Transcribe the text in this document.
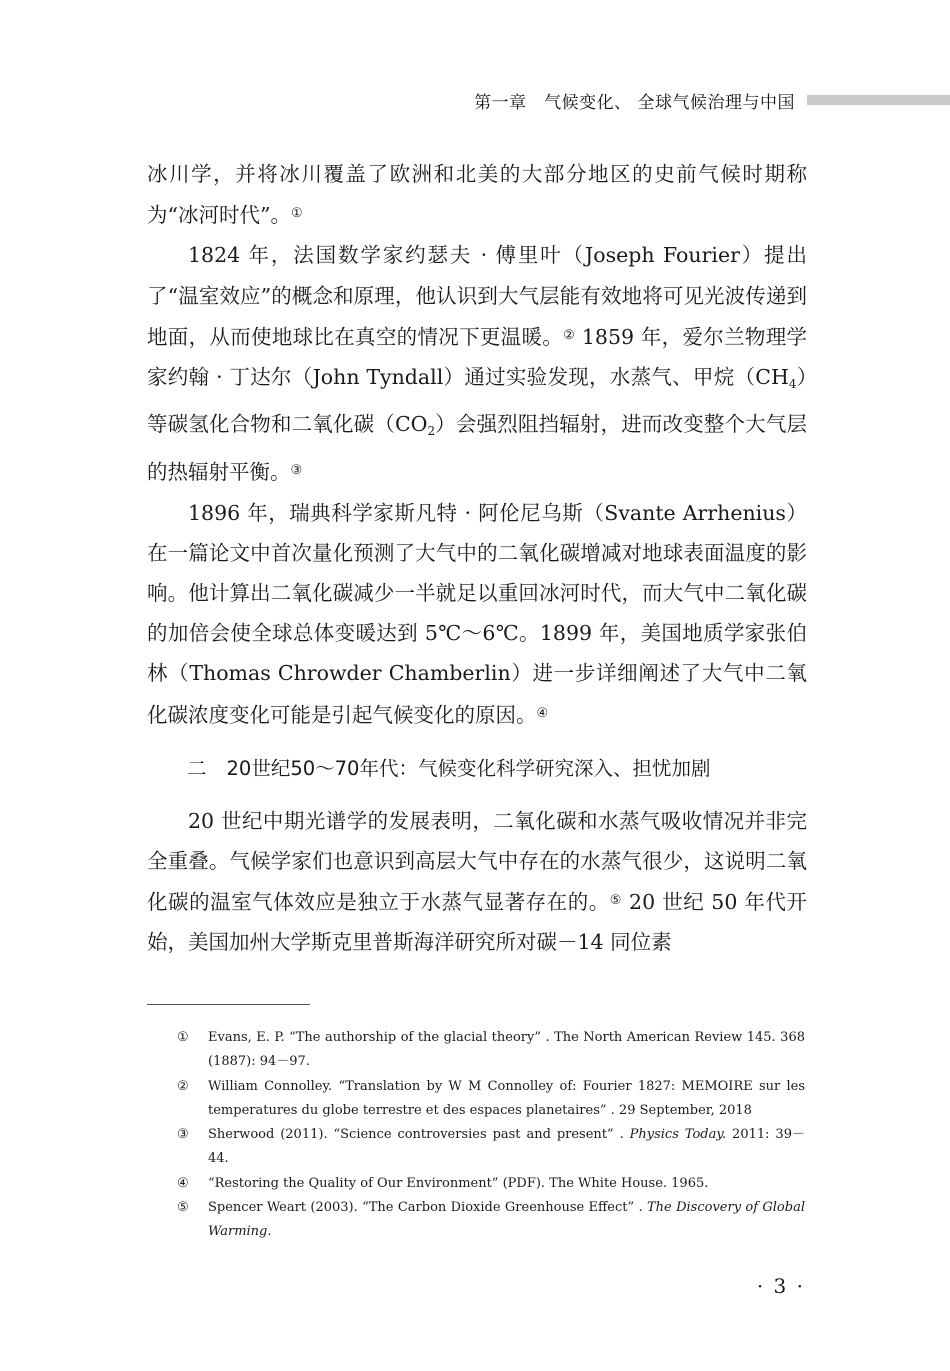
第一章　气候变化、 全球气候治理与中国

冰川学，并将冰川覆盖了欧洲和北美的大部分地区的史前气候时期称为“冰河时代”。①

1824 年，法国数学家约瑟夫 · 傅里叶（Joseph Fourier）提出了“温室效应”的概念和原理，他认识到大气层能有效地将可见光波传递到地面，从而使地球比在真空的情况下更温暖。② 1859 年，爱尔兰物理学家约翰 · 丁达尔（John Tyndall）通过实验发现，水蒸气、甲烷$(CH_4)$等碳氢化合物和二氧化碳$(CO_2)$会强烈阻挡辐射，进而改变整个大气层的热辐射平衡。③

1896 年，瑞典科学家斯凡特 · 阿伦尼乌斯（Svante Arrhenius）在一篇论文中首次量化预测了大气中的二氧化碳增减对地球表面温度的影响。他计算出二氧化碳减少一半就足以重回冰河时代，而大气中二氧化碳的加倍会使全球总体变暖达到 5℃～6℃。1899 年，美国地质学家张伯林（Thomas Chrowder Chamberlin）进一步详细阐述了大气中二氧化碳浓度变化可能是引起气候变化的原因。④

二 20世纪50～70年代：气候变化科学研究深入、担忧加剧

20 世纪中期光谱学的发展表明，二氧化碳和水蒸气吸收情况并非完全重叠。气候学家们也意识到高层大气中存在的水蒸气很少，这说明二氧化碳的温室气体效应是独立于水蒸气显著存在的。⑤ 20 世纪 50 年代开始，美国加州大学斯克里普斯海洋研究所对碳－14 同位素

①	Evans, E. P. “The authorship of the glacial theory” . The North American Review 145. 368 (1887): 94－97.
②	William Connolley. “Translation by W M Connolley of: Fourier 1827: MEMOIRE sur les temperatures du globe terrestre et des espaces planetaires” . 29 September, 2018
③	Sherwood (2011). “Science controversies past and present” . Physics Today. 2011: 39－44.
④	“Restoring the Quality of Our Environment” (PDF). The White House. 1965.
⑤	Spencer Weart (2003). “The Carbon Dioxide Greenhouse Effect” . The Discovery of Global Warming.
· 3 ·
